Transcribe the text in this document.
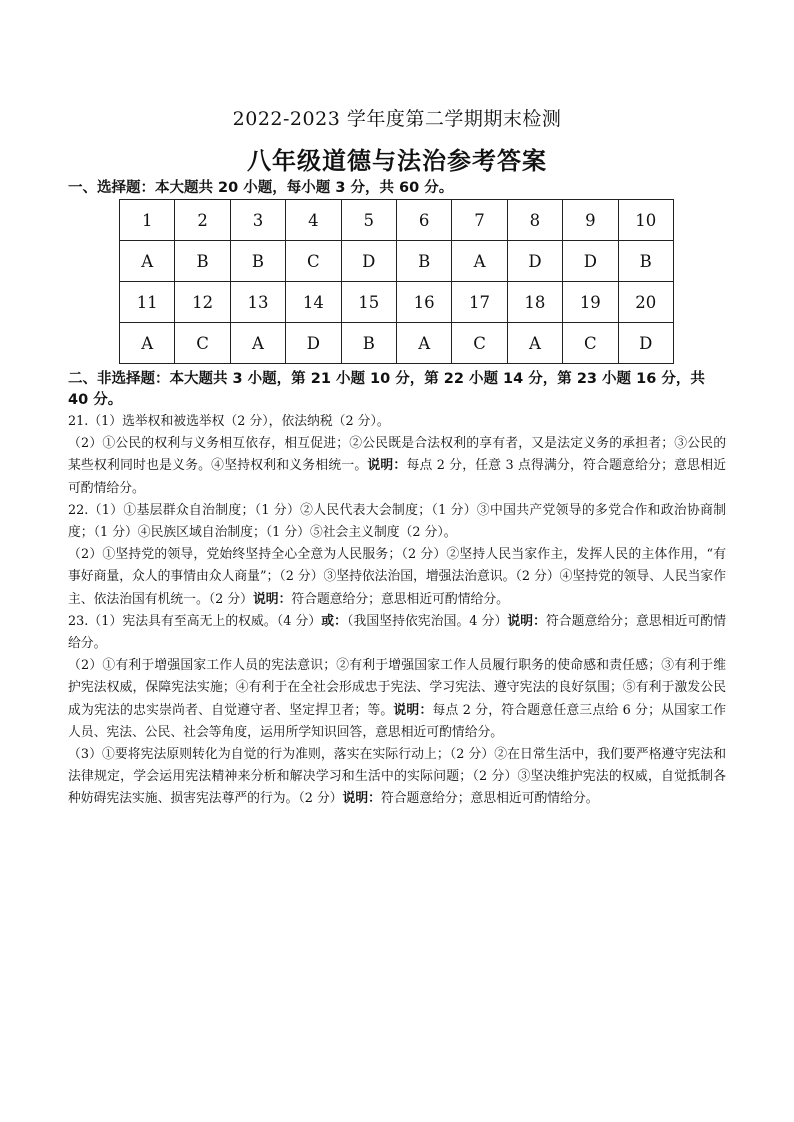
2022-2023 学年度第二学期期末检测
八年级道德与法治参考答案
一、选择题：本大题共 20 小题，每小题 3 分，共 60 分。
1	2	3	4	5	6	7	8	9	10
A	B	B	C	D	B	A	D	D	B
11	12	13	14	15	16	17	18	19	20
A	C	A	D	B	A	C	A	C	D
二、非选择题：本大题共 3 小题，第 21 小题 10 分，第 22 小题 14 分，第 23 小题 16 分，共 40 分。

21.（1）选举权和被选举权（2 分），依法纳税（2 分）。

（2）①公民的权利与义务相互依存，相互促进；②公民既是合法权利的享有者，又是法定义务的承担者；③公民的某些权利同时也是义务。④坚持权利和义务相统一。说明：每点 2 分，任意 3 点得满分，符合题意给分；意思相近可酌情给分。

22.（1）①基层群众自治制度；（1 分）②人民代表大会制度；（1 分）③中国共产党领导的多党合作和政治协商制度；（1 分）④民族区域自治制度；（1 分）⑤社会主义制度（2 分）。

（2）①坚持党的领导，党始终坚持全心全意为人民服务；（2 分）②坚持人民当家作主，发挥人民的主体作用，“有事好商量，众人的事情由众人商量”；（2 分）③坚持依法治国，增强法治意识。（2 分）④坚持党的领导、人民当家作主、依法治国有机统一。（2 分）说明：符合题意给分；意思相近可酌情给分。

23.（1）宪法具有至高无上的权威。（4 分）或：（我国坚持依宪治国。4 分）说明：符合题意给分；意思相近可酌情给分。

（2）①有利于增强国家工作人员的宪法意识；②有利于增强国家工作人员履行职务的使命感和责任感；③有利于维护宪法权威，保障宪法实施；④有利于在全社会形成忠于宪法、学习宪法、遵守宪法的良好氛围；⑤有利于激发公民成为宪法的忠实崇尚者、自觉遵守者、坚定捍卫者；等。说明：每点 2 分，符合题意任意三点给 6 分；从国家工作人员、宪法、公民、社会等角度，运用所学知识回答，意思相近可酌情给分。

（3）①要将宪法原则转化为自觉的行为准则，落实在实际行动上；（2 分）②在日常生活中，我们要严格遵守宪法和法律规定，学会运用宪法精神来分析和解决学习和生活中的实际问题；（2 分）③坚决维护宪法的权威，自觉抵制各种妨碍宪法实施、损害宪法尊严的行为。（2 分）说明：符合题意给分；意思相近可酌情给分。
